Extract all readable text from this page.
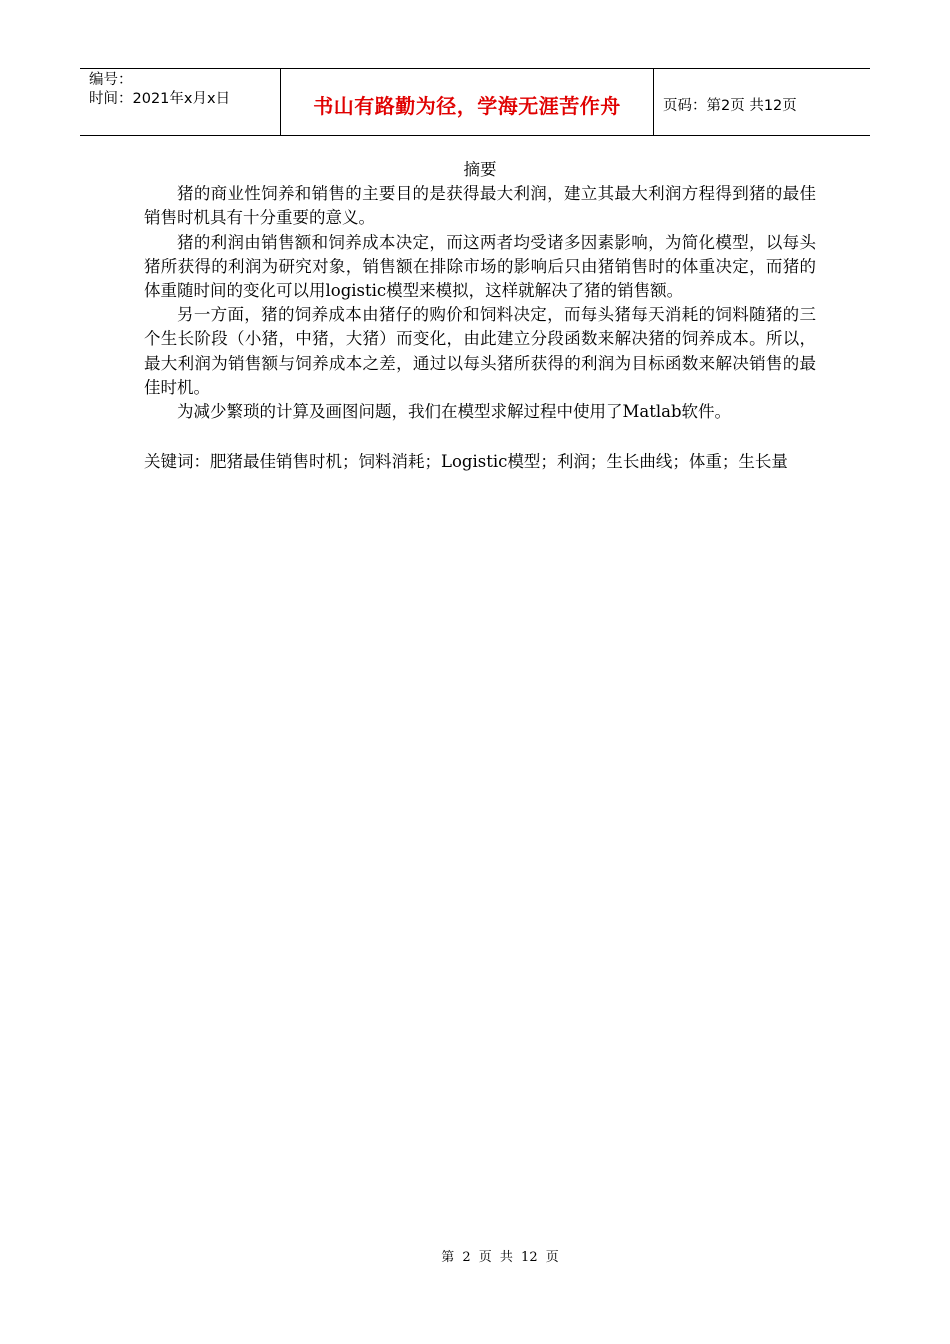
编号：
时间：2021年x月x日	书山有路勤为径，学海无涯苦作舟	页码：第2页 共12页
摘要

猪的商业性饲养和销售的主要目的是获得最大利润，建立其最大利润方程得到猪的最佳销售时机具有十分重要的意义。

猪的利润由销售额和饲养成本决定，而这两者均受诸多因素影响，为简化模型，以每头猪所获得的利润为研究对象，销售额在排除市场的影响后只由猪销售时的体重决定，而猪的体重随时间的变化可以用logistic模型来模拟，这样就解决了猪的销售额。

另一方面，猪的饲养成本由猪仔的购价和饲料决定，而每头猪每天消耗的饲料随猪的三个生长阶段（小猪，中猪，大猪）而变化，由此建立分段函数来解决猪的饲养成本。所以，最大利润为销售额与饲养成本之差，通过以每头猪所获得的利润为目标函数来解决销售的最佳时机。

为减少繁琐的计算及画图问题，我们在模型求解过程中使用了Matlab软件。

关键词：肥猪最佳销售时机；饲料消耗；Logistic模型；利润；生长曲线；体重；生长量

第 2 页 共 12 页
